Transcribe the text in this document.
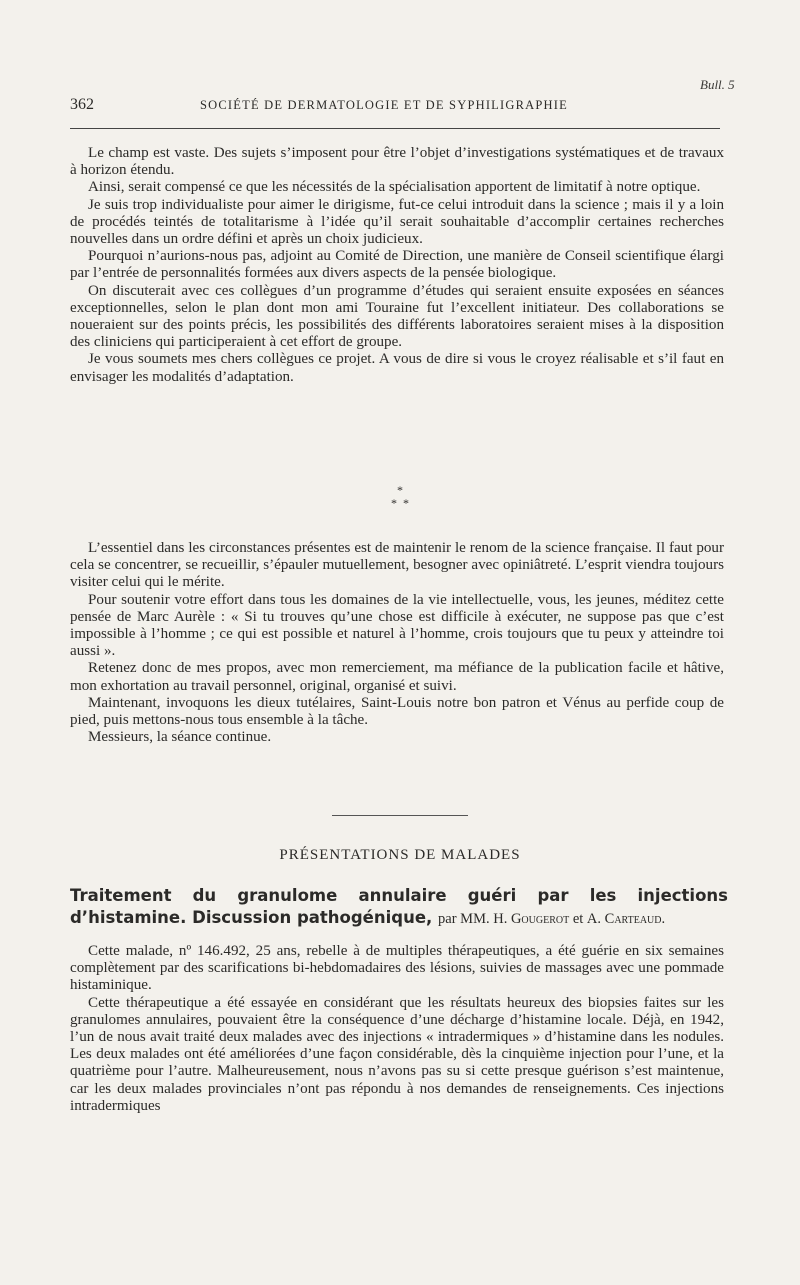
Bull. 5
362	SOCIÉTÉ DE DERMATOLOGIE ET DE SYPHILIGRAPHIE

Le champ est vaste. Des sujets s’imposent pour être l’objet d’investigations systématiques et de travaux à horizon étendu.

Ainsi, serait compensé ce que les nécessités de la spécialisation apportent de limitatif à notre optique.

Je suis trop individualiste pour aimer le dirigisme, fut-ce celui introduit dans la science ; mais il y a loin de procédés teintés de totalitarisme à l’idée qu’il serait souhaitable d’accomplir certaines recherches nouvelles dans un ordre défini et après un choix judicieux.

Pourquoi n’aurions-nous pas, adjoint au Comité de Direction, une manière de Conseil scientifique élargi par l’entrée de personnalités formées aux divers aspects de la pensée biologique.

On discuterait avec ces collègues d’un programme d’études qui seraient ensuite exposées en séances exceptionnelles, selon le plan dont mon ami Touraine fut l’excellent initiateur. Des collaborations se noueraient sur des points précis, les possibilités des différents laboratoires seraient mises à la disposition des cliniciens qui participeraient à cet effort de groupe.

Je vous soumets mes chers collègues ce projet. A vous de dire si vous le croyez réalisable et s’il faut en envisager les modalités d’adaptation.

*
*  *

L’essentiel dans les circonstances présentes est de maintenir le renom de la science française. Il faut pour cela se concentrer, se recueillir, s’épauler mutuellement, besogner avec opiniâtreté. L’esprit viendra toujours visiter celui qui le mérite.

Pour soutenir votre effort dans tous les domaines de la vie intellectuelle, vous, les jeunes, méditez cette pensée de Marc Aurèle : « Si tu trouves qu’une chose est difficile à exécuter, ne suppose pas que c’est impossible à l’homme ; ce qui est possible et naturel à l’homme, crois toujours que tu peux y atteindre toi aussi ».

Retenez donc de mes propos, avec mon remerciement, ma méfiance de la publication facile et hâtive, mon exhortation au travail personnel, original, organisé et suivi.

Maintenant, invoquons les dieux tutélaires, Saint-Louis notre bon patron et Vénus au perfide coup de pied, puis mettons-nous tous ensemble à la tâche.

Messieurs, la séance continue.

PRÉSENTATIONS DE MALADES
Traitement du granulome annulaire guéri par les injections d’histamine. Discussion pathogénique, par MM. H. Gougerot et A. Carteaud.

Cette malade, nº 146.492, 25 ans, rebelle à de multiples thérapeutiques, a été guérie en six semaines complètement par des scarifications bi-hebdomadaires des lésions, suivies de massages avec une pommade histaminique.

Cette thérapeutique a été essayée en considérant que les résultats heureux des biopsies faites sur les granulomes annulaires, pouvaient être la conséquence d’une décharge d’histamine locale. Déjà, en 1942, l’un de nous avait traité deux malades avec des injections « intradermiques » d’histamine dans les nodules. Les deux malades ont été améliorées d’une façon considérable, dès la cinquième injection pour l’une, et la quatrième pour l’autre. Malheureusement, nous n’avons pas su si cette presque guérison s’est maintenue, car les deux malades provinciales n’ont pas répondu à nos demandes de renseignements. Ces injections intradermiques
